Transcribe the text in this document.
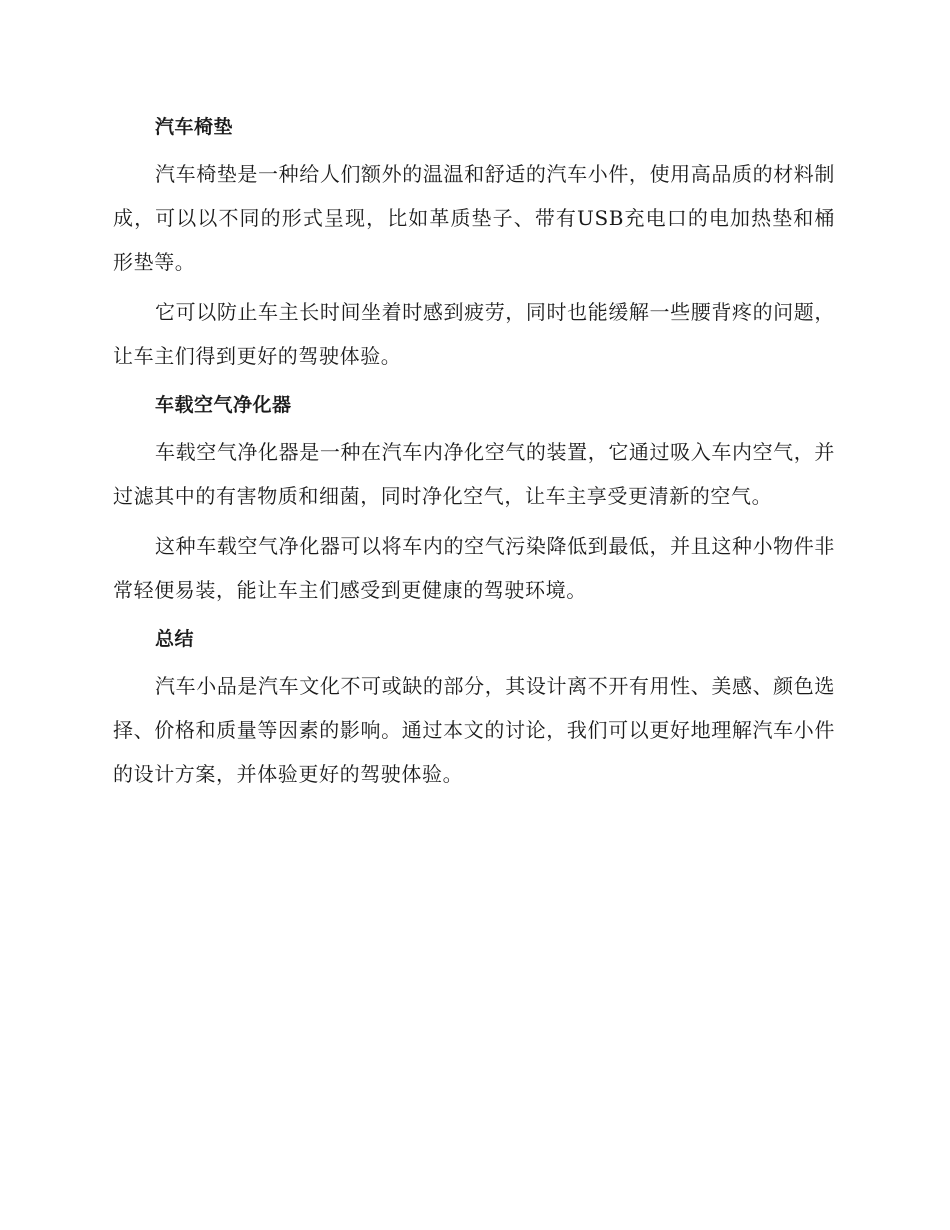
汽车椅垫

汽车椅垫是一种给人们额外的温温和舒适的汽车小件，使用高品质的材料制成，可以以不同的形式呈现，比如革质垫子、带有USB充电口的电加热垫和桶形垫等。

它可以防止车主长时间坐着时感到疲劳，同时也能缓解一些腰背疼的问题，让车主们得到更好的驾驶体验。

车载空气净化器

车载空气净化器是一种在汽车内净化空气的装置，它通过吸入车内空气，并过滤其中的有害物质和细菌，同时净化空气，让车主享受更清新的空气。

这种车载空气净化器可以将车内的空气污染降低到最低，并且这种小物件非常轻便易装，能让车主们感受到更健康的驾驶环境。

总结

汽车小品是汽车文化不可或缺的部分，其设计离不开有用性、美感、颜色选择、价格和质量等因素的影响。通过本文的讨论，我们可以更好地理解汽车小件的设计方案，并体验更好的驾驶体验。
